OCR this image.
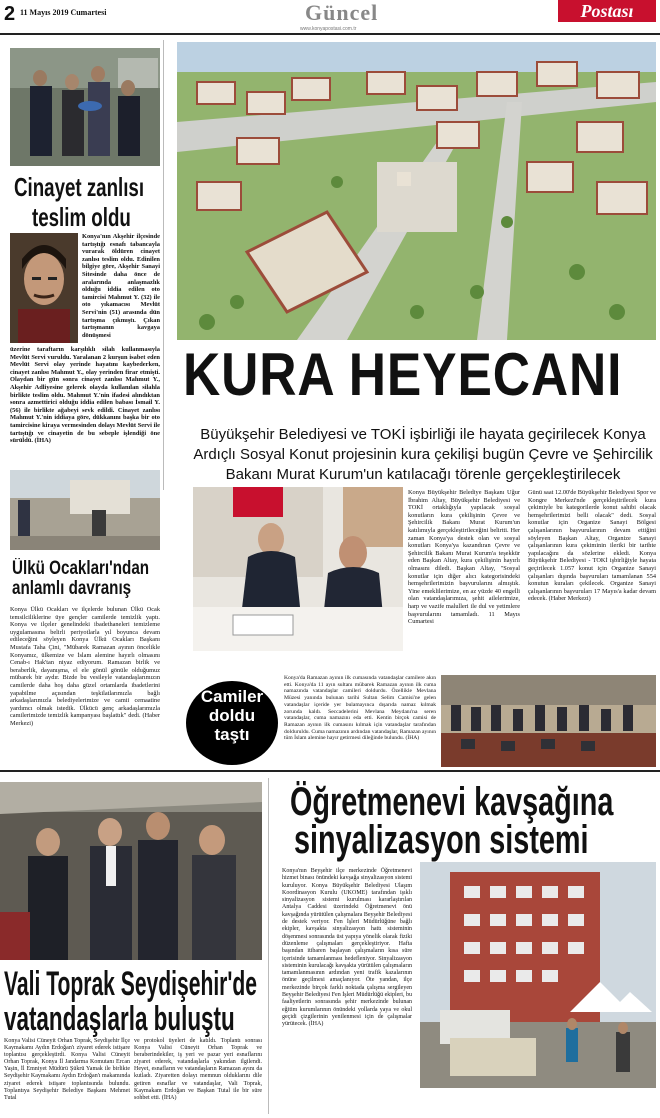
2 11 Mayıs 2019 Cumartesi	Güncel	Postası
www.konyapostasi.com.tr
Cinayet zanlısı
teslim oldu
Konya'nın Akşehir ilçesinde tartıştığı esnafı tabancayla vurarak öldüren cinayet zanlısı teslim oldu. Edinilen bilgiye göre, Akşehir Sanayi Sitesinde daha önce de aralarında anlaşmazlık olduğu iddia edilen oto tamircisi Mahmut Y. (32) ile oto yıkamacısı Mevlüt Servi'nin (51) arasında dün tartışma çıkmıştı. Çıkan tartışmanın kavgaya dönüşmesi
üzerine taraftarın karşılıklı silah kullanmasıyla Mevlüt Servi vuruldu. Yaralanan 2 kurşun isabet eden Mevlüt Servi olay yerinde hayatını kaybederken, cinayet zanlısı Mahmut Y., olay yerinden firar etmişti. Olaydan bir gün sonra cinayet zanlısı Mahmut Y., Akşehir Adliyesine gelerek olayda kullanılan silahla birlikte teslim oldu. Mahmut Y.'nin ifadesi alındıktan sonra azmettirici olduğu iddia edilen babası İsmail Y. (56) ile birlikte ağabeyi sevk edildi. Cinayet zanlısı Mahmut Y.'nin iddiaya göre, dükkanını başka bir oto tamircisine kiraya vermesinden dolayı Mevlüt Servi ile tartıştığı ve cinayetin de bu sebeple işlendiği öne sürüldü. (İHA)
Ülkü Ocakları'ndan
anlamlı davranış
Konya Ülkü Ocakları ve ilçelerde bulunan Ülkü Ocak temsilciliklerine üye gençler camilerde temizlik yaptı. Konya ve ilçeler genelindeki ibadethaneleri temizleme uygulamasına belirli periyotlarla yıl boyunca devam edileceğini söyleyen Konya Ülkü Ocakları Başkanı Mustafa Taha Çini, "Mübarek Ramazan ayının öncelikle Konyamız, ülkemize ve İslam alemine hayırlı olmasını Cenab-ı Hak'tan niyaz ediyorum. Ramazan birlik ve beraberlik, dayanışma, el ele gönül gönüle olduğumuz mübarek bir aydır. Bizde bu vesileyle vatandaşlarımızın camilerde daha hoş daha güzel ortamlarda ibadetlerini yapabilme açısından teşkilatlarımızla bağlı arkadaşlarımızla belediyelerimize ve camii cemaatine yardımcı olmak istedik. Ülkücü genç arkadaşlarımızla camilerimizde temizlik kampanyası başlattık" dedi. (Haber Merkezi)
KURA HEYECANI
Büyükşehir Belediyesi ve TOKİ işbirliği ile hayata geçirilecek Konya Ardıçlı Sosyal Konut projesinin kura çekilişi bugün Çevre ve Şehircilik Bakanı Murat Kurum'un katılacağı törenle gerçekleştirilecek
Konya Büyükşehir Belediye Başkanı Uğur İbrahim Altay, Büyükşehir Belediyesi ve TOKİ ortaklığıyla yapılacak sosyal konutların kura çekilişinin Çevre ve Şehircilik Bakanı Murat Kurum'un katılımıyla gerçekleştirileceğini belirtti. Her zaman Konya'ya destek olan ve sosyal konutları Konya'ya kazandıran Çevre ve Şehircilik Bakanı Murat Kurum'a teşekkür eden Başkan Altay, kura çekilişinin hayırlı olmasını diledi. Başkan Altay, "Sosyal konutlar için diğer alıcı kategorisindeki hemşehrilerimizin başvurularını almıştık. Yine emeklilerimize, en az yüzde 40 engelli olan vatandaşlarımıza, şehit ailelerimize, harp ve vazife malulleri ile dul ve yetimlere başvurularını tamamladı. 11 Mayıs Cumartesi
Günü saat 12.00'de Büyükşehir Belediyesi Spor ve Kongre Merkezi'nde gerçekleştirilecek kura çekimiyle bu kategorilerde konut sahibi olacak hemşehrilerimizi belli olacak" dedi. Sosyal konutlar için Organize Sanayi Bölgesi çalışanlarının başvurularının devam ettiğini söyleyen Başkan Altay, Organize Sanayi çalışanlarının kura çekiminin ileriki bir tarihte yapılacağını da sözlerine ekledi. Konya Büyükşehir Belediyesi - TOKİ işbirliğiyle hayata geçirilecek 1.057 konut için Organize Sanayi çalışanları dışında başvuruları tamamlanan 554 konutun kuraları çekilecek. Organize Sanayi çalışanlarının başvuruları 17 Mayıs'a kadar devam edecek. (Haber Merkezi)
Camiler
doldu
taştı
Konya'da Ramazan ayının ilk cumasında vatandaşlar camilere akın etti. Konya'da 11 ayın sultanı mübarek Ramazan ayının ilk cuma namazında vatandaşlar camileri doldurdu. Özellikle Mevlana Müzesi yanında bulunan tarihi Sultan Selim Camisi'ne gelen vatandaşlar içeride yer bulamayınca dışarıda namaz kılmak zorunda kaldı. Seccadelerini Mevlana Meydanı'na seren vatandaşlar, cuma namazını eda etti. Kentin birçok camisi de Ramazan ayının ilk cumasını kılmak için vatandaşlar tarafından dolduruldu. Cuma namazının ardından vatandaşlar, Ramazan ayının tüm İslam alemine hayır getirmesi dileğinde bulundu. (İHA)
Vali Toprak Seydişehir'de
vatandaşlarla buluştu
Konya Valisi Cüneyit Orhan Toprak, Seydişehir İlçe Kaymakamı Aydın Erdoğan'ı ziyaret ederek istişare toplantısı gerçekleştirdi. Konya Valisi Cüneyit Orhan Toprak, Konya İl Jandarma Komutanı Ercan Yaşin, İl Emniyet Müdürü Şükrü Yamak ile birlikte Seydişehir Kaymakamı Aydın Erdoğan'ı makamında ziyaret ederek istişare toplantısında bulundu. Toplantıya Seydişehir Belediye Başkanı Mehmet Tutal
ve protokol üyeleri de katıldı. Toplantı sonrası Konya Valisi Cüneyit Orhan Toprak ve beraberindekiler, iş yeri ve pazar yeri esnaflarını ziyaret ederek, vatandaşlarla yakından ilgilendi. Heyet, esnafların ve vatandaşların Ramazan ayını da kutladı. Ziyaretten dolayı memnun olduklarını dile getiren esnaflar ve vatandaşlar, Vali Toprak, Kaymakam Erdoğan ve Başkan Tutal ile bir süre sohbet etti. (İHA)
Öğretmenevi kavşağına
sinyalizasyon sistemi
Konya'nın Beyşehir ilçe merkezinde Öğretmenevi hizmet binası önündeki kavşağa sinyalizasyon sistemi kuruluyor. Konya Büyükşehir Belediyesi Ulaşım Koordinasyon Kurulu (UKOME) tarafından işıklı sinyalizasyon sistemi kurulması kararlaştırılan Antalya Caddesi üzerindeki Öğretmenevi önü kavşağında yürütülen çalışmalara Beyşehir Belediyesi de destek veriyor. Fen İşleri Müdürlüğüne bağlı ekipler, kavşakta sinyalizasyon hattı sisteminin döşenmesi sonrasında üst yapıya yönelik olarak fiziki düzenleme çalışmaları gerçekleştiriyor. Hafta başından itibaren başlayan çalışmaların kısa süre içerisinde tamamlanması hedefleniyor. Sinyalizasyon sisteminin kurulacağı kavşakta yürütülen çalışmaların tamamlanmasının ardından yeni trafik kazalarının önüne geçilmesi amaçlanıyor. Öte yandan, ilçe merkezinde birçok farklı noktada çalışma sergileyen Beyşehir Belediyesi Fen İşleri Müdürlüğü ekipleri, bu faaliyetlerin sonrasında şehir merkezinde bulunan eğitim kurumlarının önündeki yollarda yaya ve okul geçidi çizgilerinin yenilenmesi için de çalışmalar yürütecek. (İHA)
